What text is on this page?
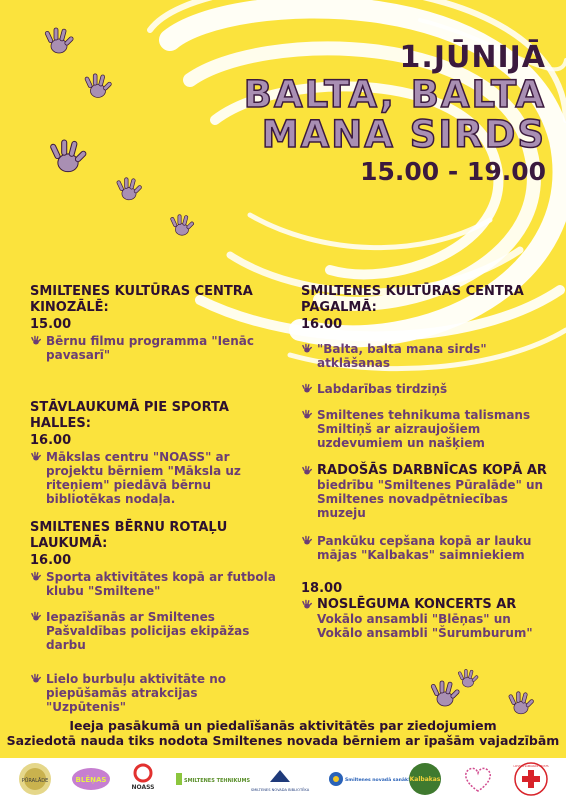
1.JŪNIJĀ
BALTA, BALTA
MANA SIRDS
15.00 - 19.00
SMILTENES KULTŪRAS CENTRA KINOZĀLĒ:
15.00
Bērnu filmu programma "Ienāc pavasarī"
STĀVLAUKUMĀ PIE SPORTA HALLES:
16.00
Mākslas centru "NOASS" ar projektu bērniem "Māksla uz riteņiem" piedāvā bērnu bibliotēkas nodaļa.
SMILTENES BĒRNU ROTAĻU LAUKUMĀ:
16.00
Sporta aktivitātes kopā ar futbola klubu "Smiltene"
Iepazīšanās ar Smiltenes Pašvaldības policijas ekipāžas darbu
Lielo burbuļu aktivitāte no piepūšamās atrakcijas "Uzpūtenis"
SMILTENES KULTŪRAS CENTRA PAGALMĀ:
16.00
"Balta, balta mana sirds" atklāšanas
Labdarības tirdziņš
Smiltenes tehnikuma talismans Smiltiņš ar aizraujošiem uzdevumiem un našķiem
RADOŠĀS DARBNĪCAS KOPĀ AR
biedrību "Smiltenes Pūralāde" un Smiltenes novadpētniecības muzeju
Pankūku cepšana kopā ar lauku mājas "Kalbakas" saimniekiem
18.00
NOSLĒGUMA KONCERTS AR
Vokālo ansambli "Blēņas" un Vokālo ansambli "Šurumburum"
Ieeja pasākumā un piedalīšanās aktivitātēs par ziedojumiem
Saziedotā nauda tiks nodota Smiltenes novada bērniem ar īpašām vajadzībām
PŪRALĀDE	BLĒŅAS
NOASS
SMILTENES TEHNIKUMS
SMILTENES NOVADA BIBLIOTĒKA
Smiltenes novadā sanāk! Kalbakas
LATVIJAS SARKANAIS KRUSTS
